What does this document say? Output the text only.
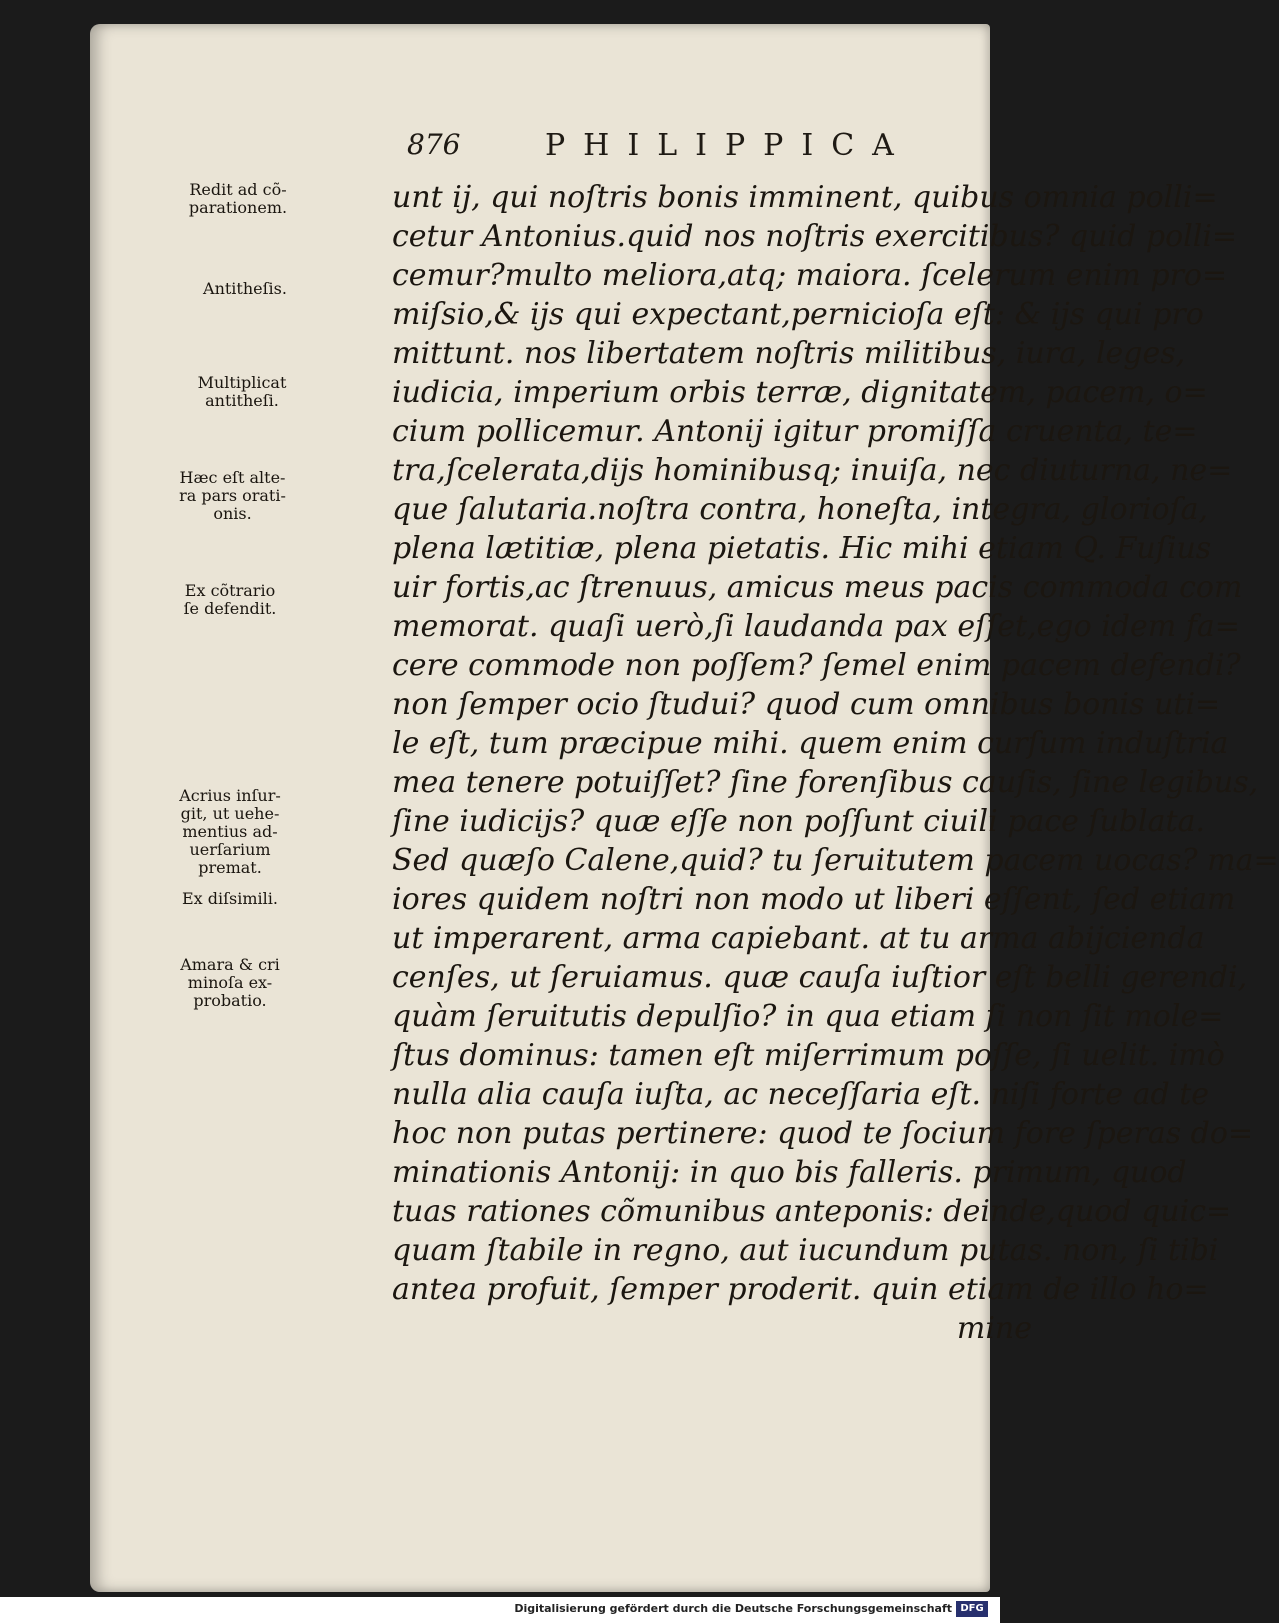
876	PHILIPPICA
Redit ad cõ-
parationem.
Antitheſis.
Multiplicat
antitheſi.
Hæc eſt alte-
ra pars orati-
onis.
Ex cõtrario
ſe defendit.
Acrius inſur-
git, ut uehe-
mentius ad-
uerſarium
premat.
Ex diſsimili.
Amara & cri
minoſa ex-
probatio.
unt ij, qui noſtris bonis imminent, quibus omnia polli=
cetur Antonius.quid nos noſtris exercitibus? quid polli=
cemur?multo meliora,atq; maiora. ſcelerum enim pro=
miſsio,& ijs qui expectant,pernicioſa eſt: & ijs qui pro
mittunt. nos libertatem noſtris militibus, iura, leges,
iudicia, imperium orbis terræ, dignitatem, pacem, o=
cium pollicemur. Antonij igitur promiſſa cruenta, te=
tra,ſcelerata,dijs hominibusq; inuiſa, nec diuturna, ne=
que ſalutaria.noſtra contra, honeſta, integra, glorioſa,
plena lætitiæ, plena pietatis. Hic mihi etiam Q. Fuſius
uir fortis,ac ſtrenuus, amicus meus pacis commoda com
memorat. quaſi uerò,ſi laudanda pax eſſet,ego idem fa=
cere commode non poſſem? ſemel enim pacem defendi?
non ſemper ocio ſtudui? quod cum omnibus bonis uti=
le eſt, tum præcipue mihi. quem enim curſum induſtria
mea tenere potuiſſet? ſine forenſibus cauſis, ſine legibus,
ſine iudicijs? quæ eſſe non poſſunt ciuili pace ſublata.
Sed quæſo Calene,quid? tu ſeruitutem pacem uocas? ma=
iores quidem noſtri non modo ut liberi eſſent, ſed etiam
ut imperarent, arma capiebant. at tu arma abijcienda
cenſes, ut ſeruiamus. quæ cauſa iuſtior eſt belli gerendi,
quàm ſeruitutis depulſio? in qua etiam ſi non ſit mole=
ſtus dominus: tamen eſt miſerrimum poſſe, ſi uelit. imò
nulla alia cauſa iuſta, ac neceſſaria eſt. niſi forte ad te
hoc non putas pertinere: quod te ſocium fore ſperas do=
minationis Antonij: in quo bis falleris. primum, quod
tuas rationes cõmunibus anteponis: deinde,quod quic=
quam ſtabile in regno, aut iucundum putas. non, ſi tibi
antea profuit, ſemper proderit. quin etiam de illo ho=
mine
Digitalisierung gefördert durch die Deutsche Forschungsgemeinschaft DFG
